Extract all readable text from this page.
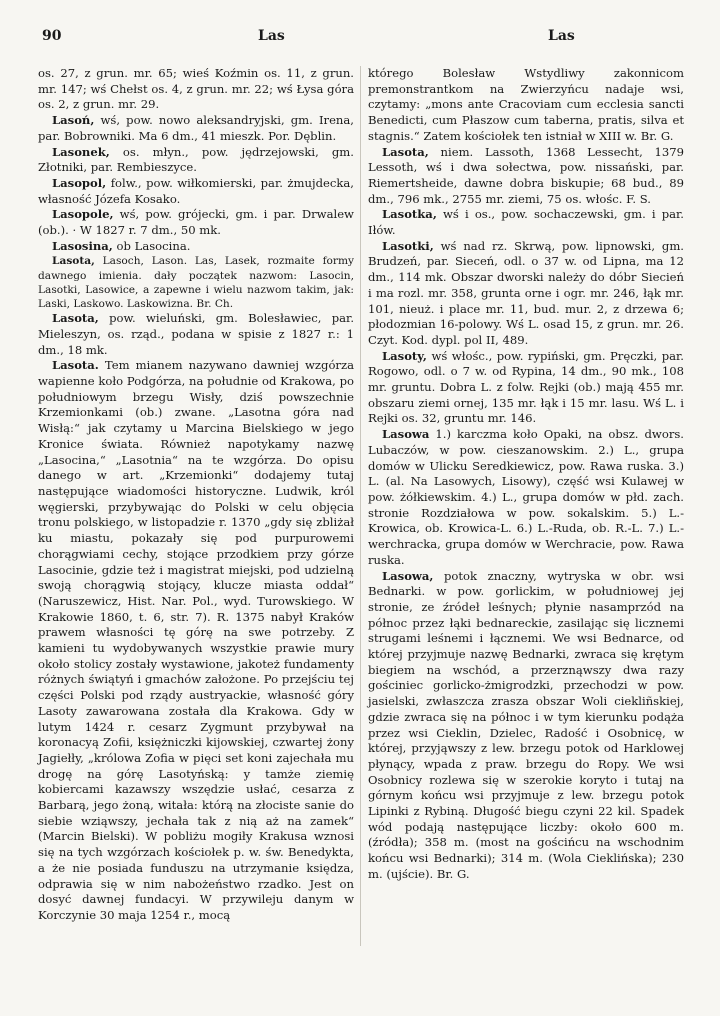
90	Las	Las

os. 27, z grun. mr. 65; wieś Koźmin os. 11, z grun. mr. 147; wś Chełst os. 4, z grun. mr. 22; wś Łysa góra os. 2, z grun. mr. 29.

Lasoń, wś, pow. nowo aleksandryjski, gm. Irena, par. Bobrowniki. Ma 6 dm., 41 mieszk. Por. Dęblin.

Lasonek, os. młyn., pow. jędrzejowski, gm. Złotniki, par. Rembieszyce.

Lasopol, folw., pow. wiłkomierski, par. żmujdecka, własność Józefa Kosako.

Lasopole, wś, pow. grójecki, gm. i par. Drwalew (ob.). · W 1827 r. 7 dm., 50 mk.

Lasosina, ob Lasocina.

Lasota, Lasoch, Lason. Las, Lasek, rozmaite formy dawnego imienia. dały początek nazwom: Lasocin, Lasotki, Lasowice, a zapewne i wielu nazwom takim, jak: Laski, Laskowo. Laskowizna. Br. Ch.

Lasota, pow. wieluński, gm. Bolesławiec, par. Mieleszyn, os. rząd., podana w spisie z 1827 r.: 1 dm., 18 mk.

Lasota. Tem mianem nazywano dawniej wzgórza wapienne koło Podgórza, na południe od Krakowa, po południowym brzegu Wisły, dziś powszechnie Krzemionkami (ob.) zwane. „Lasotna góra nad Wisłą:“ jak czytamy u Marcina Bielskiego w jego Kronice świata. Również napotykamy nazwę „Lasocina,“ „Lasotnia“ na te wzgórza. Do opisu danego w art. „Krzemionki“ dodajemy tutaj następujące wiadomości historyczne. Ludwik, król węgierski, przybywając do Polski w celu objęcia tronu polskiego, w listopadzie r. 1370 „gdy się zbliżał ku miastu, pokazały się pod purpurowemi chorągwiami cechy, stojące przodkiem przy górze Lasocinie, gdzie też i magistrat miejski, pod udzielną swoją chorągwią stojący, klucze miasta oddał“ (Naruszewicz, Hist. Nar. Pol., wyd. Turowskiego. W Krakowie 1860, t. 6, str. 7). R. 1375 nabył Kraków prawem własności tę górę na swe potrzeby. Z kamieni tu wydobywanych wszystkie prawie mury około stolicy zostały wystawione, jakoteż fundamenty różnych świątyń i gmachów założone. Po przejściu tej części Polski pod rządy austryackie, własność góry Lasoty zawarowana została dla Krakowa. Gdy w lutym 1424 r. cesarz Zygmunt przybywał na koronacyą Zofii, księżniczki kijowskiej, czwartej żony Jagiełły, „królowa Zofia w pięci set koni zajechała mu drogę na górę Lasotyńską: y tamże ziemię kobiercami kazawszy wszędzie usłać, cesarza z Barbarą, jego żoną, witała: którą na złociste sanie do siebie wziąwszy, jechała tak z nią aż na zamek“ (Marcin Bielski). W pobliżu mogiły Krakusa wznosi się na tych wzgórzach kościołek p. w. św. Benedykta, a że nie posiada funduszu na utrzymanie księdza, odprawia się w nim nabożeństwo rzadko. Jest on dosyć dawnej fundacyi. W przywileju danym w Korczynie 30 maja 1254 r., mocą

którego Bolesław Wstydliwy zakonnicom premonstrantkom na Zwierzyńcu nadaje wsi, czytamy: „mons ante Cracoviam cum ecclesia sancti Benedicti, cum Płaszow cum taberna, pratis, silva et stagnis.“ Zatem kościołek ten istniał w XIII w. Br. G.

Lasota, niem. Lassoth, 1368 Lessecht, 1379 Lessoth, wś i dwa sołectwa, pow. nissański, par. Riemertsheide, dawne dobra biskupie; 68 bud., 89 dm., 796 mk., 2755 mr. ziemi, 75 os. włośc. F. S.

Lasotka, wś i os., pow. sochaczewski, gm. i par. Iłów.

Lasotki, wś nad rz. Skrwą, pow. lipnowski, gm. Brudzeń, par. Sieceń, odl. o 37 w. od Lipna, ma 12 dm., 114 mk. Obszar dworski należy do dóbr Siecień i ma rozl. mr. 358, grunta orne i ogr. mr. 246, łąk mr. 101, nieuż. i place mr. 11, bud. mur. 2, z drzewa 6; płodozmian 16-polowy. Wś L. osad 15, z grun. mr. 26. Czyt. Kod. dypl. pol II, 489.

Lasoty, wś włośc., pow. rypiński, gm. Pręczki, par. Rogowo, odl. o 7 w. od Rypina, 14 dm., 90 mk., 108 mr. gruntu. Dobra L. z folw. Rejki (ob.) mają 455 mr. obszaru ziemi ornej, 135 mr. łąk i 15 mr. lasu. Wś L. i Rejki os. 32, gruntu mr. 146.

Lasowa 1.) karczma koło Opaki, na obsz. dwors. Lubaczów, w pow. cieszanowskim. 2.) L., grupa domów w Ulicku Seredkiewicz, pow. Rawa ruska. 3.) L. (al. Na Lasowych, Lisowy), część wsi Kulawej w pow. żółkiewskim. 4.) L., grupa domów w płd. zach. stronie Rozdziałowa w pow. sokalskim. 5.) L.-Krowica, ob. Krowica-L. 6.) L.-Ruda, ob. R.-L. 7.) L.-werchracka, grupa domów w Werchracie, pow. Rawa ruska.

Lasowa, potok znaczny, wytryska w obr. wsi Bednarki. w pow. gorlickim, w południowej jej stronie, ze źródeł leśnych; płynie nasamprzód na północ przez łąki bednareckie, zasilając się licznemi strugami leśnemi i łącznemi. We wsi Bednarce, od której przyjmuje nazwę Bednarki, zwraca się krętym biegiem na wschód, a przerznąwszy dwa razy gościniec gorlicko-żmigrodzki, przechodzi w pow. jasielski, zwłaszcza zrasza obszar Woli ciekliñskiej, gdzie zwraca się na północ i w tym kierunku podąża przez wsi Cieklin, Dzielec, Radość i Osobnicę, w której, przyjąwszy z lew. brzegu potok od Harklowej płynący, wpada z praw. brzegu do Ropy. We wsi Osobnicy rozlewa się w szerokie koryto i tutaj na górnym końcu wsi przyjmuje z lew. brzegu potok Lipinki z Rybiną. Długość biegu czyni 22 kil. Spadek wód podają następujące liczby: około 600 m. (źródła); 358 m. (most na gościńcu na wschodnim końcu wsi Bednarki); 314 m. (Wola Cieklińska); 230 m. (ujście). Br. G.
